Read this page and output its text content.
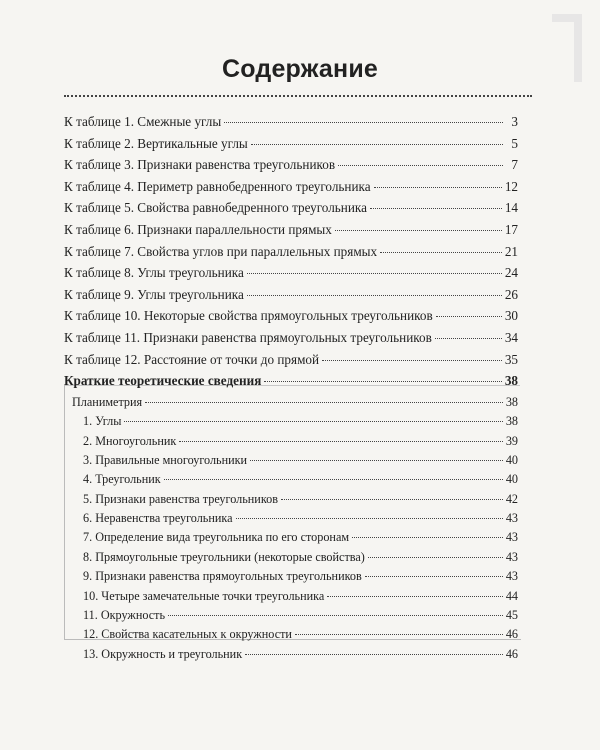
Содержание
К таблице 1. Смежные углы	3
К таблице 2. Вертикальные углы	5
К таблице 3. Признаки равенства треугольников	7
К таблице 4. Периметр равнобедренного треугольника	12
К таблице 5. Свойства равнобедренного треугольника	14
К таблице 6. Признаки параллельности прямых	17
К таблице 7. Свойства углов при параллельных прямых	21
К таблице 8. Углы треугольника	24
К таблице 9. Углы треугольника	26
К таблице 10. Некоторые свойства прямоугольных треугольников	30
К таблице 11. Признаки равенства прямоугольных треугольников	34
К таблице 12. Расстояние от точки до прямой	35
Краткие теоретические сведения	38
Планиметрия	38
1. Углы	38
2. Многоугольник	39
3. Правильные многоугольники	40
4. Треугольник	40
5. Признаки равенства треугольников	42
6. Неравенства треугольника	43
7. Определение вида треугольника по его сторонам	43
8. Прямоугольные треугольники (некоторые свойства)	43
9. Признаки равенства прямоугольных треугольников	43
10. Четыре замечательные точки треугольника	44
11. Окружность	45
12. Свойства касательных к окружности	46
13. Окружность и треугольник	46
